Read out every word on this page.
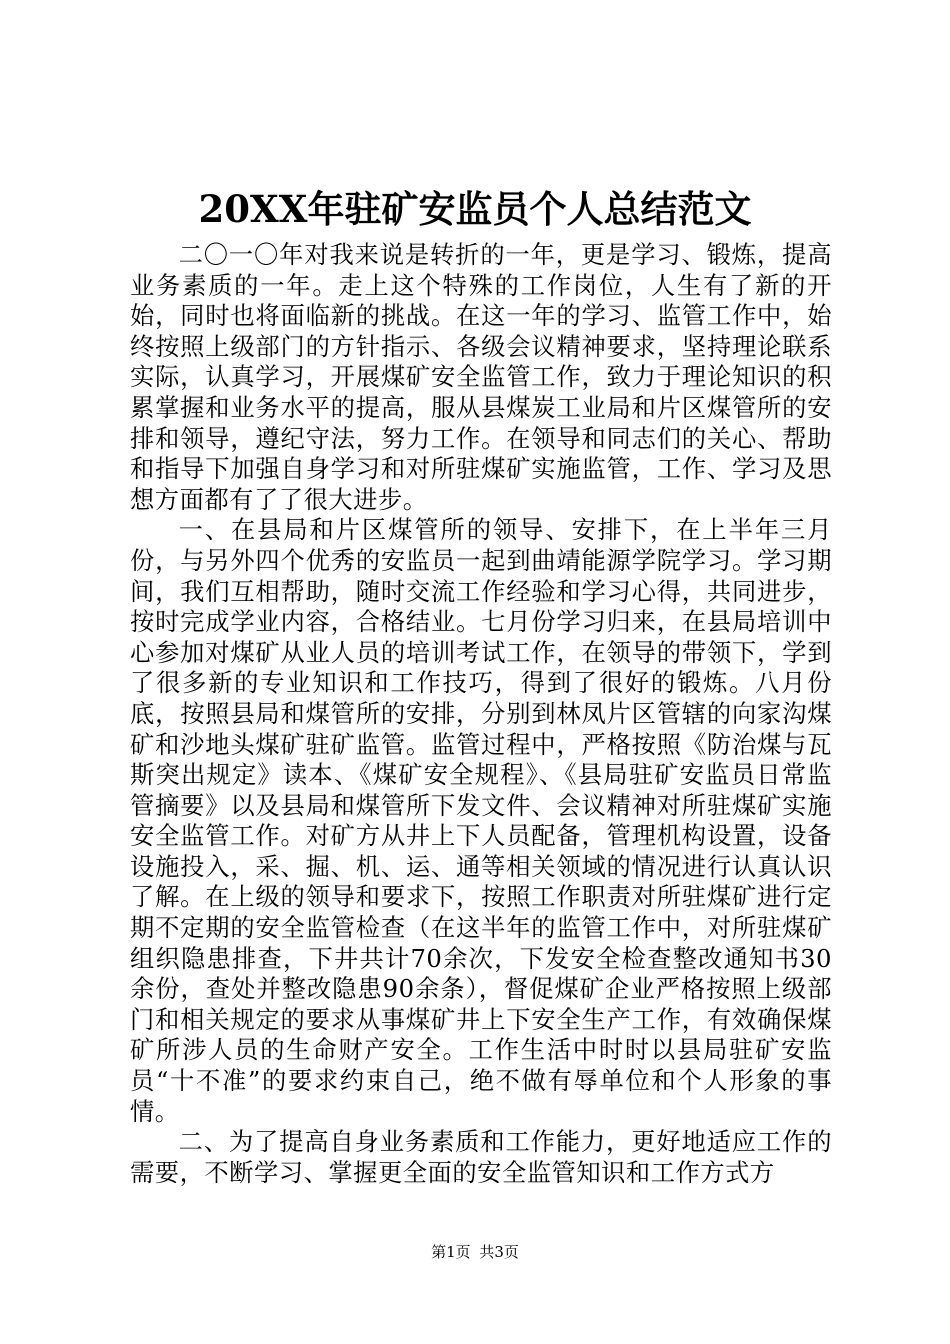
20XX年驻矿安监员个人总结范文

二〇一〇年对我来说是转折的一年，更是学习、锻炼，提高业务素质的一年。走上这个特殊的工作岗位，人生有了新的开始，同时也将面临新的挑战。在这一年的学习、监管工作中，始终按照上级部门的方针指示、各级会议精神要求，坚持理论联系实际，认真学习，开展煤矿安全监管工作，致力于理论知识的积累掌握和业务水平的提高，服从县煤炭工业局和片区煤管所的安排和领导，遵纪守法，努力工作。在领导和同志们的关心、帮助和指导下加强自身学习和对所驻煤矿实施监管，工作、学习及思想方面都有了了很大进步。

一、在县局和片区煤管所的领导、安排下，在上半年三月份，与另外四个优秀的安监员一起到曲靖能源学院学习。学习期间，我们互相帮助，随时交流工作经验和学习心得，共同进步，按时完成学业内容，合格结业。七月份学习归来，在县局培训中心参加对煤矿从业人员的培训考试工作，在领导的带领下，学到了很多新的专业知识和工作技巧，得到了很好的锻炼。八月份底，按照县局和煤管所的安排，分别到林凤片区管辖的向家沟煤矿和沙地头煤矿驻矿监管。监管过程中，严格按照《防治煤与瓦斯突出规定》读本、《煤矿安全规程》、《县局驻矿安监员日常监管摘要》以及县局和煤管所下发文件、会议精神对所驻煤矿实施安全监管工作。对矿方从井上下人员配备，管理机构设置，设备设施投入，采、掘、机、运、通等相关领域的情况进行认真认识了解。在上级的领导和要求下，按照工作职责对所驻煤矿进行定期不定期的安全监管检查（在这半年的监管工作中，对所驻煤矿组织隐患排查，下井共计70余次，下发安全检查整改通知书30余份，查处并整改隐患90余条），督促煤矿企业严格按照上级部门和相关规定的要求从事煤矿井上下安全生产工作，有效确保煤矿所涉人员的生命财产安全。工作生活中时时以县局驻矿安监员“十不准”的要求约束自己，绝不做有辱单位和个人形象的事情。

二、为了提高自身业务素质和工作能力，更好地适应工作的需要，不断学习、掌握更全面的安全监管知识和工作方式方

第1页 共3页
